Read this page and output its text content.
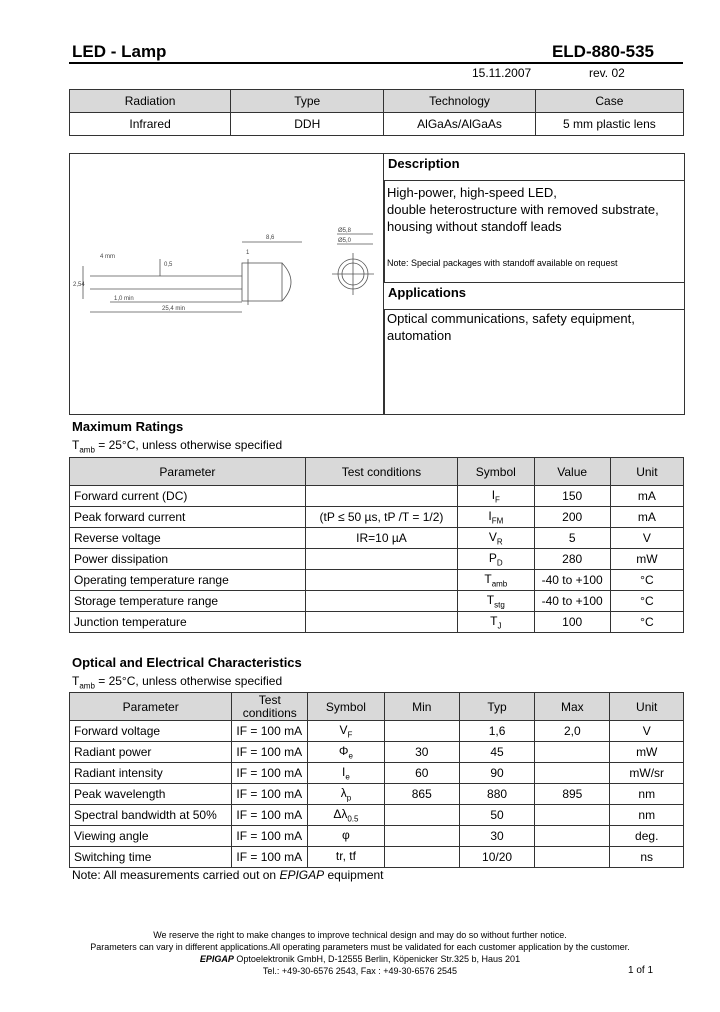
LED - Lamp	ELD-880-535
15.11.2007	rev. 02
Radiation	Type	Technology	Case
Infrared	DDH	AlGaAs/AlGaAs	5 mm plastic lens
8,6	Ø5,0
Ø5,8
4 mm
2,54
1,0 min
25,4 min
0,5
1
Description
High-power, high-speed LED,
double heterostructure with removed substrate,
housing without standoff leads
Note: Special packages with standoff available on request
Applications
Optical communications, safety equipment,
automation
Maximum Ratings
$T_{amb} = 25^\circ C$, unless otherwise specified
Parameter	Test conditions	Symbol	Value	Unit
Forward current (DC)		$I_F$	150	mA
Peak forward current	(tP ≤ 50 µs, tP /T = 1/2)	$I_{FM}$	200	mA
Reverse voltage	IR=10 µA	$V_R$	5	V
Power dissipation		$P_D$	280	mW
Operating temperature range		$T_{amb}$	-40 to +100	°C
Storage temperature range		$T_{stg}$	-40 to +100	°C
Junction temperature		$T_J$	100	°C
Optical and Electrical Characteristics
$T_{amb} = 25^\circ C$, unless otherwise specified
Parameter	Test conditions	Symbol	Min	Typ	Max	Unit
Forward voltage	IF = 100 mA	$V_F$		1,6	2,0	V
Radiant power	IF = 100 mA	$\Phi_e$	30	45		mW
Radiant intensity	IF = 100 mA	$I_e$	60	90		mW/sr
Peak wavelength	IF = 100 mA	$\lambda_p$	865	880	895	nm
Spectral bandwidth at 50%	IF = 100 mA	$\Delta\lambda_{0.5}$		50		nm
Viewing angle	IF = 100 mA	φ		30		deg.
Switching time	IF = 100 mA	tr, tf		10/20		ns
Note: All measurements carried out on EPIGAP equipment
We reserve the right to make changes to improve technical design and may do so without further notice.
Parameters can vary in different applications.All operating parameters must be validated for each customer application by the customer.
EPIGAP Optoelektronik GmbH, D-12555 Berlin, Köpenicker Str.325 b, Haus 201
Tel.: +49-30-6576 2543, Fax : +49-30-6576 2545	1 of 1
